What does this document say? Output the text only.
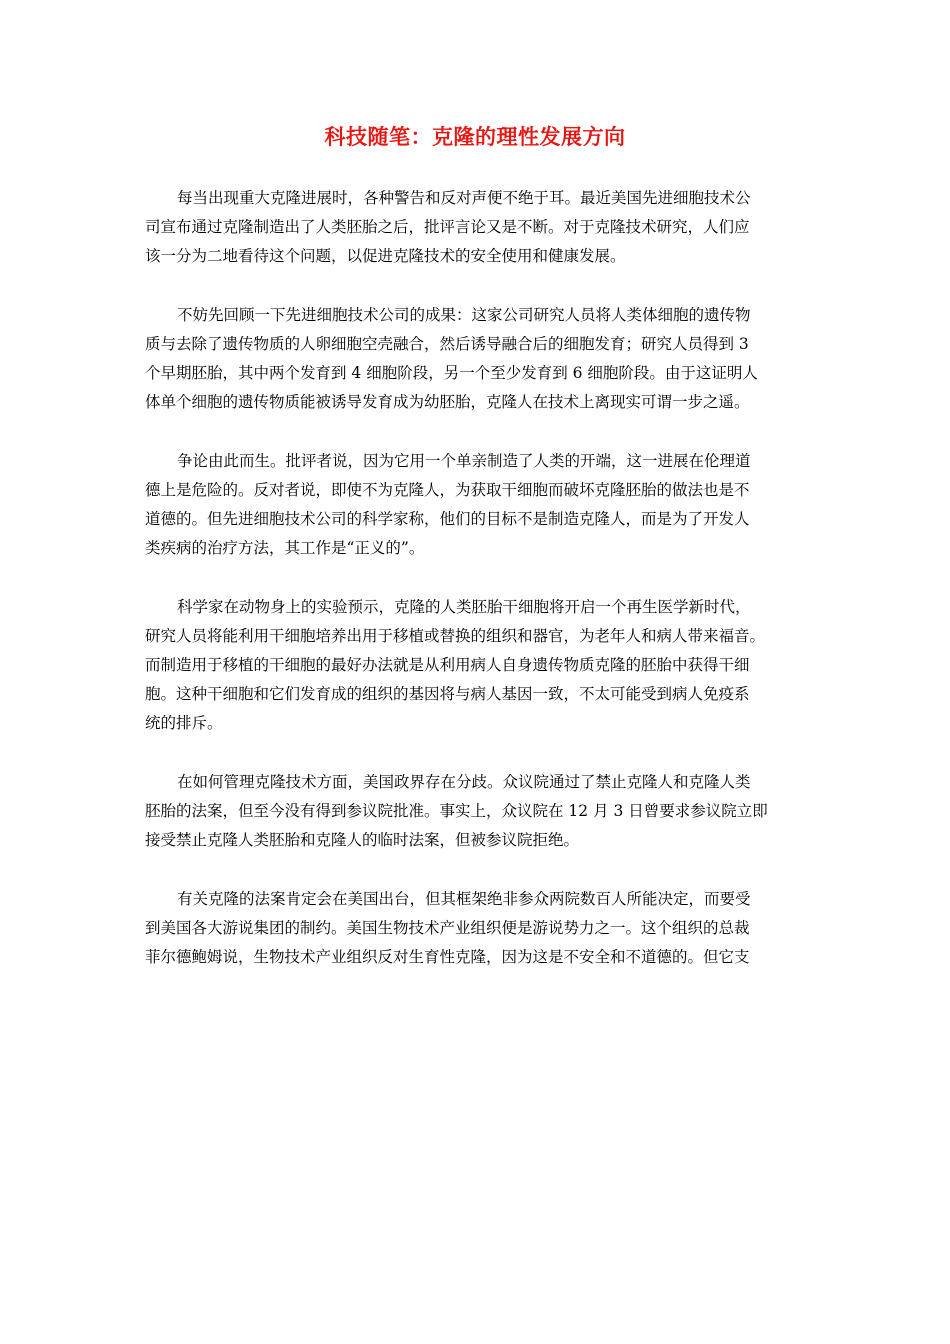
科技随笔：克隆的理性发展方向
每当出现重大克隆进展时，各种警告和反对声便不绝于耳。最近美国先进细胞技术公
司宣布通过克隆制造出了人类胚胎之后，批评言论又是不断。对于克隆技术研究，人们应
该一分为二地看待这个问题，以促进克隆技术的安全使用和健康发展。
不妨先回顾一下先进细胞技术公司的成果：这家公司研究人员将人类体细胞的遗传物
质与去除了遗传物质的人卵细胞空壳融合，然后诱导融合后的细胞发育；研究人员得到 3
个早期胚胎，其中两个发育到 4 细胞阶段，另一个至少发育到 6 细胞阶段。由于这证明人
体单个细胞的遗传物质能被诱导发育成为幼胚胎，克隆人在技术上离现实可谓一步之遥。
争论由此而生。批评者说，因为它用一个单亲制造了人类的开端，这一进展在伦理道
德上是危险的。反对者说，即使不为克隆人，为获取干细胞而破坏克隆胚胎的做法也是不
道德的。但先进细胞技术公司的科学家称，他们的目标不是制造克隆人，而是为了开发人
类疾病的治疗方法，其工作是“正义的”。
科学家在动物身上的实验预示，克隆的人类胚胎干细胞将开启一个再生医学新时代，
研究人员将能利用干细胞培养出用于移植或替换的组织和器官，为老年人和病人带来福音。
而制造用于移植的干细胞的最好办法就是从利用病人自身遗传物质克隆的胚胎中获得干细
胞。这种干细胞和它们发育成的组织的基因将与病人基因一致，不太可能受到病人免疫系
统的排斥。
在如何管理克隆技术方面，美国政界存在分歧。众议院通过了禁止克隆人和克隆人类
胚胎的法案，但至今没有得到参议院批准。事实上，众议院在 12 月 3 日曾要求参议院立即
接受禁止克隆人类胚胎和克隆人的临时法案，但被参议院拒绝。
有关克隆的法案肯定会在美国出台，但其框架绝非参众两院数百人所能决定，而要受
到美国各大游说集团的制约。美国生物技术产业组织便是游说势力之一。这个组织的总裁
菲尔德鲍姆说，生物技术产业组织反对生育性克隆，因为这是不安全和不道德的。但它支
